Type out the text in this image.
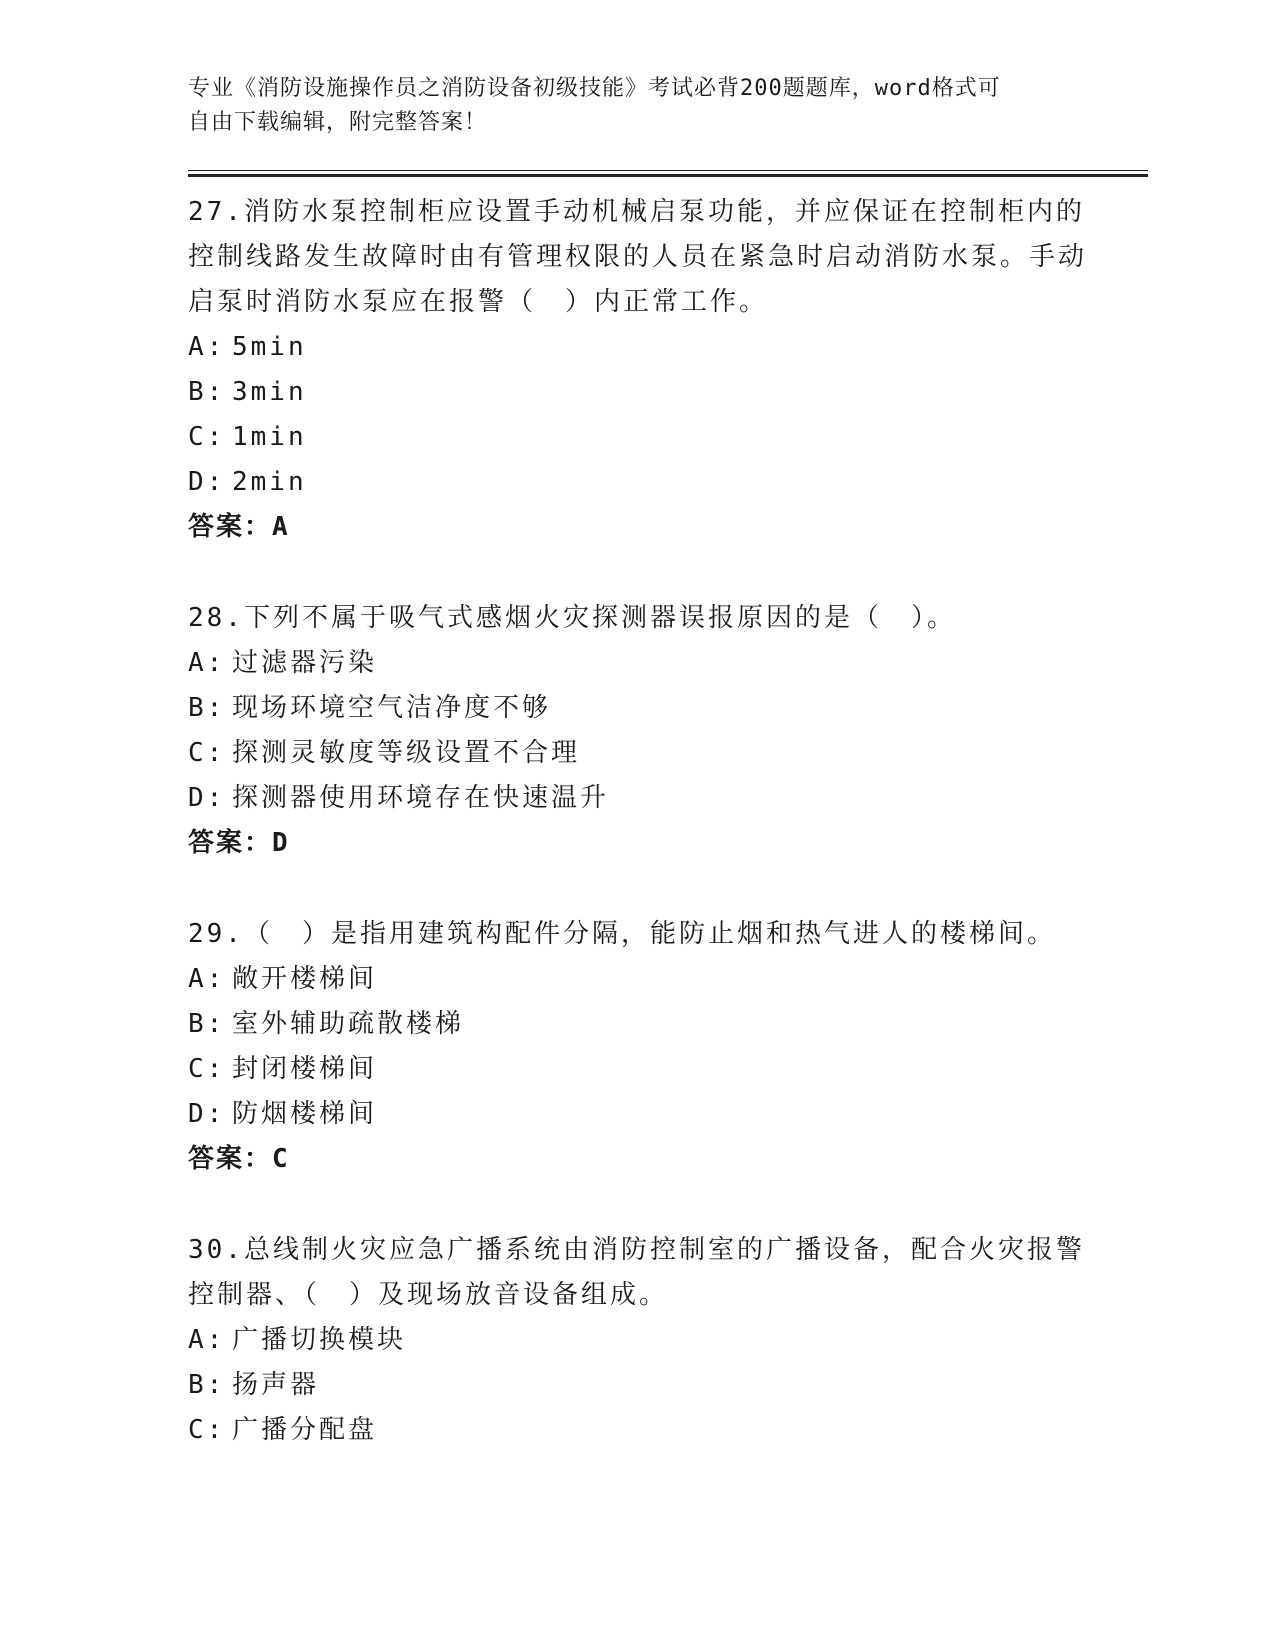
专业《消防设施操作员之消防设备初级技能》考试必背200题题库，word格式可
自由下载编辑，附完整答案！

27.消防水泵控制柜应设置手动机械启泵功能，并应保证在控制柜内的控制线路发生故障时由有管理权限的人员在紧急时启动消防水泵。手动启泵时消防水泵应在报警（　）内正常工作。

A: 5min

B: 3min

C: 1min

D: 2min

答案：A

28.下列不属于吸气式感烟火灾探测器误报原因的是（　）。

A: 过滤器污染

B: 现场环境空气洁净度不够

C: 探测灵敏度等级设置不合理

D: 探测器使用环境存在快速温升

答案：D

29.（　）是指用建筑构配件分隔，能防止烟和热气进人的楼梯间。

A: 敞开楼梯间

B: 室外辅助疏散楼梯

C: 封闭楼梯间

D: 防烟楼梯间

答案：C

30.总线制火灾应急广播系统由消防控制室的广播设备，配合火灾报警控制器、（　）及现场放音设备组成。

A: 广播切换模块

B: 扬声器

C: 广播分配盘
